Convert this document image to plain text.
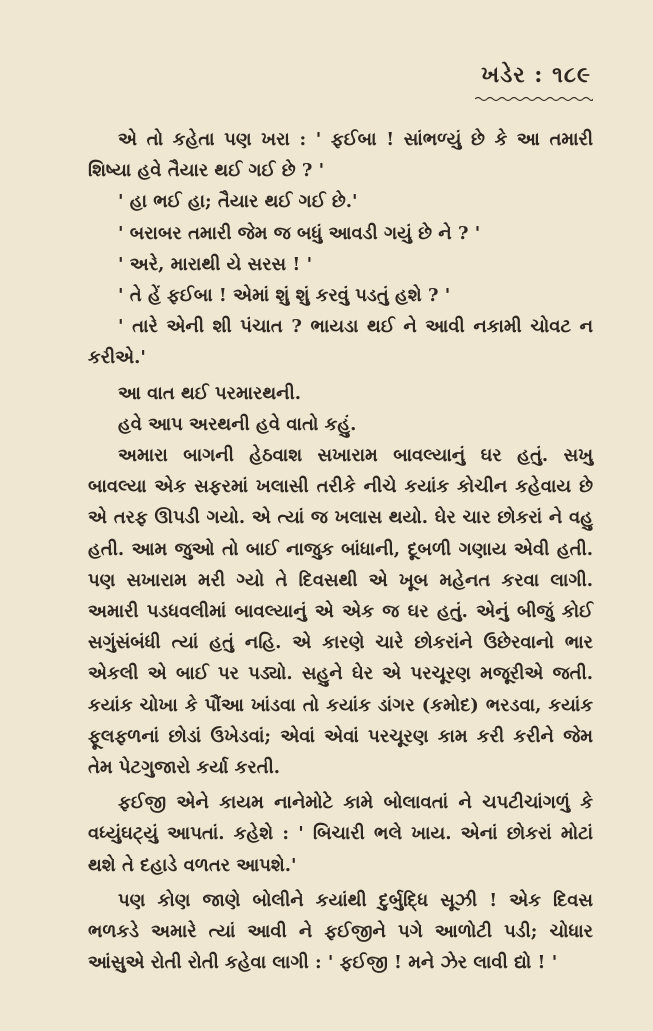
ખડેર : ૧૮૯

એ તો કહેતા પણ ખરા : ' ફઈબા ! સાંભળ્યું છે કે આ તમારી શિષ્યા હવે તૈયાર થઈ ગઈ છે ? '

' હા ભઈ હા; તૈયાર થઈ ગઈ છે.'

' બરાબર તમારી જેમ જ બધું આવડી ગયું છે ને ? '

' અરે, મારાથી યે સરસ ! '

' તે હેં ફઈબા ! એમાં શું શું કરવું પડતું હશે ? '

' તારે એની શી પંચાત ? ભાયડા થઈ ને આવી નકામી ચોવટ ન કરીએ.'

આ વાત થઈ પરમારથની.

હવે આપ અરથની હવે વાતો કહું.

અમારા બાગની હેઠવાશ સખારામ બાવલ્યાનું ઘર હતું. સખુ બાવલ્યા એક સફરમાં ખલાસી તરીકે નીચે કયાંક કોચીન કહેવાય છે એ તરફ ઊપડી ગયો. એ ત્યાં જ ખલાસ થયો. ઘેર ચાર છોકરાં ને વહુ હતી. આમ જુઓ તો બાઈ નાજુક બાંધાની, દૂબળી ગણાય એવી હતી. પણ સખારામ મરી ગ્યો તે દિવસથી એ ખૂબ મહેનત કરવા લાગી. અમારી પડધવલીમાં બાવલ્યાનું એ એક જ ઘર હતું. એનું બીજું કોઈ સગુંસંબંધી ત્યાં હતું નહિ. એ કારણે ચારે છોકરાંને ઉછેરવાનો ભાર એકલી એ બાઈ પર પડ્યો. સહુને ઘેર એ પરચૂરણ મજૂરીએ જતી. કયાંક ચોખા કે પૌંઆ ખાંડવા તો કયાંક ડાંગર (કમોદ) ભરડવા, કયાંક ફૂલફળનાં છોડાં ઉખેડવાં; એવાં એવાં પરચૂરણ કામ કરી કરીને જેમ તેમ પેટગુજારો કર્યા કરતી.

ફઈજી એને કાયમ નાનેમોટે કામે બોલાવતાં ને ચપટીચાંગળું કે વધ્યુંઘટ્યું આપતાં. કહેશે : ' બિચારી ભલે ખાય. એનાં છોકરાં મોટાં થશે તે દહાડે વળતર આપશે.'

પણ કોણ જાણે બોલીને કયાંથી દુર્બુદ્ધિ સૂઝી ! એક દિવસ ભળકડે અમારે ત્યાં આવી ને ફઈજીને પગે આળોટી પડી; ચોધાર આંસુએ રોતી રોતી કહેવા લાગી : ' ફઈજી ! મને ઝેર લાવી દ્યો ! '
